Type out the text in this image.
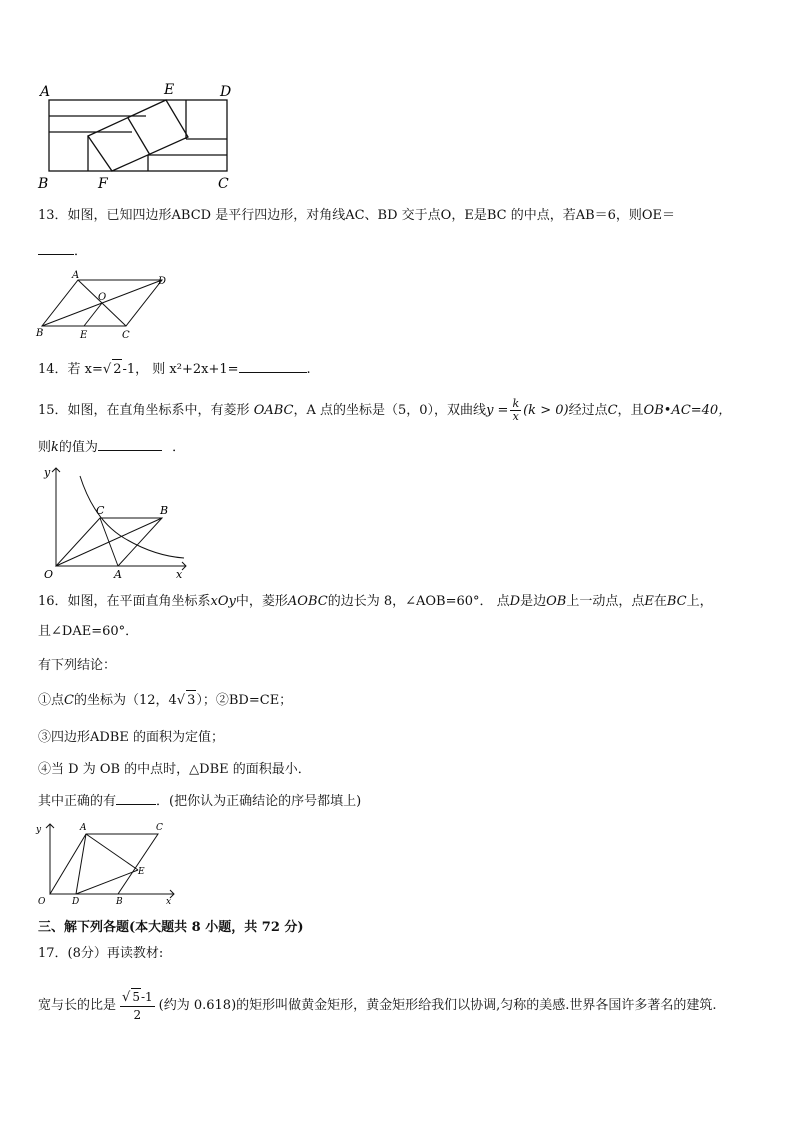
A	E	D
B	F	C
13．如图，已知四边形ABCD 是平行四边形，对角线AC、BD 交于点O，E是BC 的中点，若AB＝6，则OE＝
．
A
D
O
B	E	C
14．若 x=√ 2-1， 则 x²+2x+1=	.
15．如图，在直角坐标系中，有菱形 OABC，A 点的坐标是（5，0），双曲线$y = \frac{k}{x} (k > 0)$经过点C，且OB•AC=40，
则k的值为	．
y
C	B
O	A	x
16．如图，在平面直角坐标系xOy中，菱形AOBC的边长为 8，∠AOB=60°． 点D是边OB上一动点，点E在BC上，
且∠DAE=60°．
有下列结论：
①点C的坐标为（12，4√ 3）；②BD=CE；
③四边形ADBE 的面积为定值；
④当 D 为 OB 的中点时，△DBE 的面积最小．
其中正确的有	．(把你认为正确结论的序号都填上)
y	A	C
E
O	D	B	x
三、解下列各题(本大题共 8 小题，共 72 分)
17．(8分）再读教材:
宽与长的比是 $\frac{√ 5-1}{2}$ (约为 0.618)的矩形叫做黄金矩形，黄金矩形给我们以协调,匀称的美感.世界各国许多著名的建筑.
